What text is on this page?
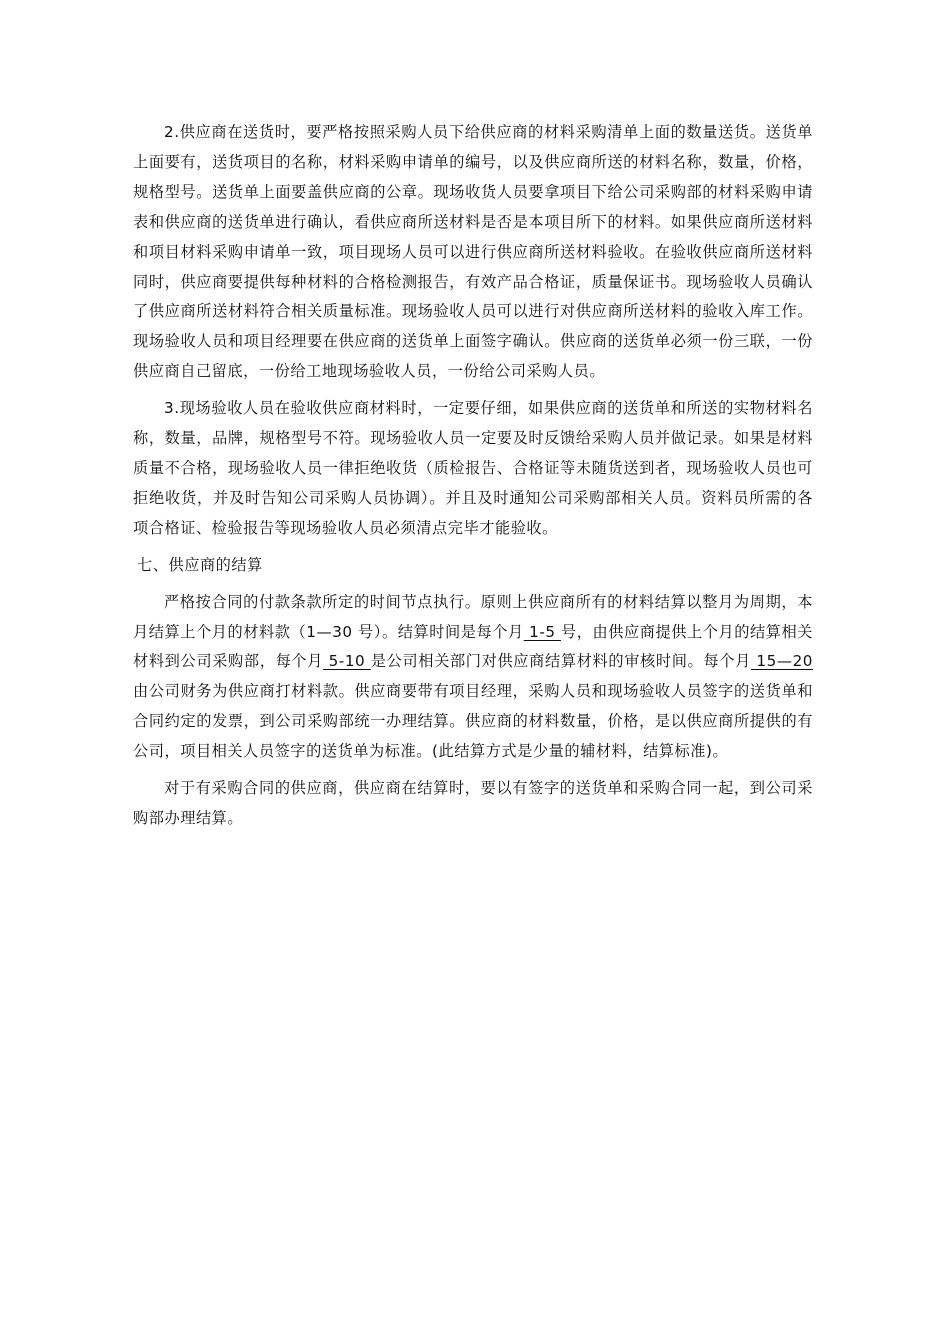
2.供应商在送货时，要严格按照采购人员下给供应商的材料采购清单上面的数量送货。送货单上面要有，送货项目的名称，材料采购申请单的编号，以及供应商所送的材料名称，数量，价格，规格型号。送货单上面要盖供应商的公章。现场收货人员要拿项目下给公司采购部的材料采购申请表和供应商的送货单进行确认，看供应商所送材料是否是本项目所下的材料。如果供应商所送材料和项目材料采购申请单一致，项目现场人员可以进行供应商所送材料验收。在验收供应商所送材料同时，供应商要提供每种材料的合格检测报告，有效产品合格证，质量保证书。现场验收人员确认了供应商所送材料符合相关质量标准。现场验收人员可以进行对供应商所送材料的验收入库工作。现场验收人员和项目经理要在供应商的送货单上面签字确认。供应商的送货单必须一份三联，一份供应商自己留底，一份给工地现场验收人员，一份给公司采购人员。

3.现场验收人员在验收供应商材料时，一定要仔细，如果供应商的送货单和所送的实物材料名称，数量，品牌，规格型号不符。现场验收人员一定要及时反馈给采购人员并做记录。如果是材料质量不合格，现场验收人员一律拒绝收货（质检报告、合格证等未随货送到者，现场验收人员也可拒绝收货，并及时告知公司采购人员协调）。并且及时通知公司采购部相关人员。资料员所需的各项合格证、检验报告等现场验收人员必须清点完毕才能验收。

七、供应商的结算

严格按合同的付款条款所定的时间节点执行。原则上供应商所有的材料结算以整月为周期，本月结算上个月的材料款（1—30 号）。结算时间是每个月 1-5 号，由供应商提供上个月的结算相关材料到公司采购部，每个月 5-10 是公司相关部门对供应商结算材料的审核时间。每个月 15—20 由公司财务为供应商打材料款。供应商要带有项目经理，采购人员和现场验收人员签字的送货单和合同约定的发票，到公司采购部统一办理结算。供应商的材料数量，价格，是以供应商所提供的有公司，项目相关人员签字的送货单为标准。(此结算方式是少量的辅材料，结算标准)。

对于有采购合同的供应商，供应商在结算时，要以有签字的送货单和采购合同一起，到公司采购部办理结算。
